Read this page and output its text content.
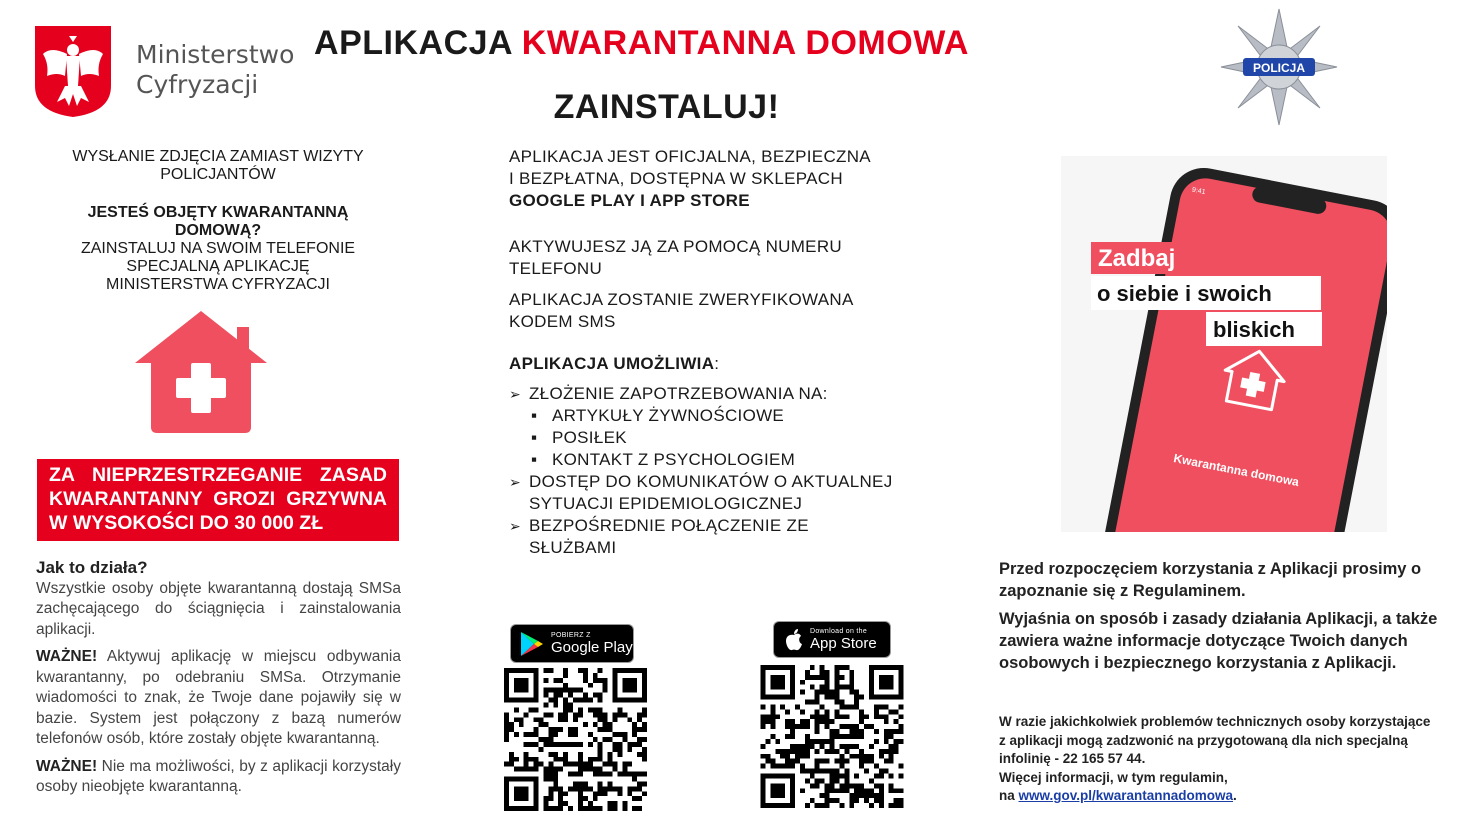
Ministerstwo
Cyfryzacji
APLIKACJA KWARANTANNA DOMOWA
ZAINSTALUJ!
POLICJA
WYSŁANIE ZDJĘCIA ZAMIAST WIZYTY
POLICJANTÓW
JESTEŚ OBJĘTY KWARANTANNĄ DOMOWĄ?
ZAINSTALUJ NA SWOIM TELEFONIE SPECJALNĄ APLIKACJĘ MINISTERSTWA CYFRYZACJI
ZA NIEPRZESTRZEGANIE ZASAD KWARANTANNY GROZI GRZYWNA W WYSOKOŚCI DO 30 000 ZŁ
Jak to działa?

Wszystkie osoby objęte kwarantanną dostają SMSa zachęcającego do ściągnięcia i zainstalowania aplikacji.

WAŻNE! Aktywuj aplikację w miejscu odbywania kwarantanny, po odebraniu SMSa. Otrzymanie wiadomości to znak, że Twoje dane pojawiły się w bazie. System jest połączony z bazą numerów telefonów osób, które zostały objęte kwarantanną.

WAŻNE! Nie ma możliwości, by z aplikacji korzystały osoby nieobjęte kwarantanną.

APLIKACJA JEST OFICJALNA, BEZPIECZNA

I BEZPŁATNA, DOSTĘPNA W SKLEPACH

GOOGLE PLAY I APP STORE

AKTYWUJESZ JĄ ZA POMOCĄ NUMERU TELEFONU

APLIKACJA ZOSTANIE ZWERYFIKOWANA KODEM SMS

APLIKACJA UMOŻLIWIA:

➢ ZŁOŻENIE ZAPOTRZEBOWANIA NA:
▪ ARTYKUŁY ŻYWNOŚCIOWE
▪ POSIŁEK
▪ KONTAKT Z PSYCHOLOGIEM
➢ DOSTĘP DO KOMUNIKATÓW O AKTUALNEJ SYTUACJI EPIDEMIOLOGICZNEJ
➢ BEZPOŚREDNIE POŁĄCZENIE ZE SŁUŻBAMI
POBIERZ Z
Google Play
Download on the
App Store
9:41
Kwarantanna domowa
Zadbaj
o siebie i swoich
bliskich

Przed rozpoczęciem korzystania z Aplikacji prosimy o zapoznanie się z Regulaminem.

Wyjaśnia on sposób i zasady działania Aplikacji, a także zawiera ważne informacje dotyczące Twoich danych osobowych i bezpiecznego korzystania z Aplikacji.

W razie jakichkolwiek problemów technicznych osoby korzystające z aplikacji mogą zadzwonić na przygotowaną dla nich specjalną infolinię - 22 165 57 44.
Więcej informacji, w tym regulamin,
na www.gov.pl/kwarantannadomowa.
